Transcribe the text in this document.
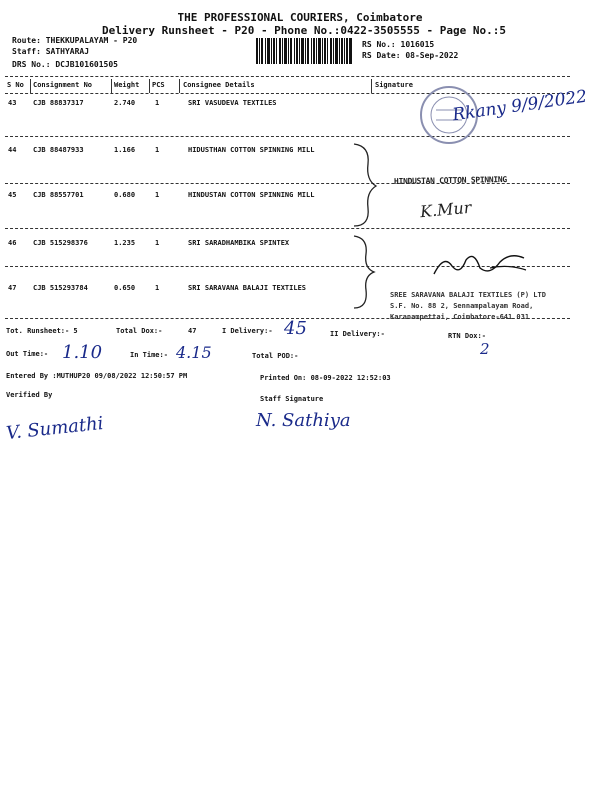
THE PROFESSIONAL COURIERS, Coimbatore
Delivery Runsheet - P20 - Phone No.:0422-3505555 - Page No.:5
Route: THEKKUPALAYAM - P20
Staff: SATHYARAJ
DRS No.: DCJB101601505
RS No.: 1016015
RS Date: 08-Sep-2022
S No Consignment No	Weight PCS	Consignee Details	Signature
43 CJB 88837317	2.740	1	SRI VASUDEVA TEXTILES
44 CJB 88487933	1.166	1	HIDUSTHAN COTTON SPINNING MILL
45 CJB 88557701	0.680	1	HINDUSTAN COTTON SPINNING MILL
46 CJB 515298376	1.235	1	SRI SARADHAMBIKA SPINTEX
47 CJB 515293784	0.650	1	SRI SARAVANA BALAJI TEXTILES
Rkany 9/9/2022
K.Mur
HINDUSTAN COTTON SPINNING
SREE SARAVANA BALAJI TEXTILES (P) LTD
S.F. No. 88 2, Sennampalayam Road,
Karanampettai, Coimbatore-641 031
Tot. Runsheet:- 5	Total Dox:-	47	I Delivery:- 45	II Delivery:-	RTN Dox:-
2
Out Time:- 1.10	In Time:- 4.15	Total POD:-
Entered By :MUTHUP20 09/08/2022 12:50:57 PM	Printed On: 08-09-2022 12:52:03
Verified By	Staff Signature
V. Sumathi	N. Sathiya
